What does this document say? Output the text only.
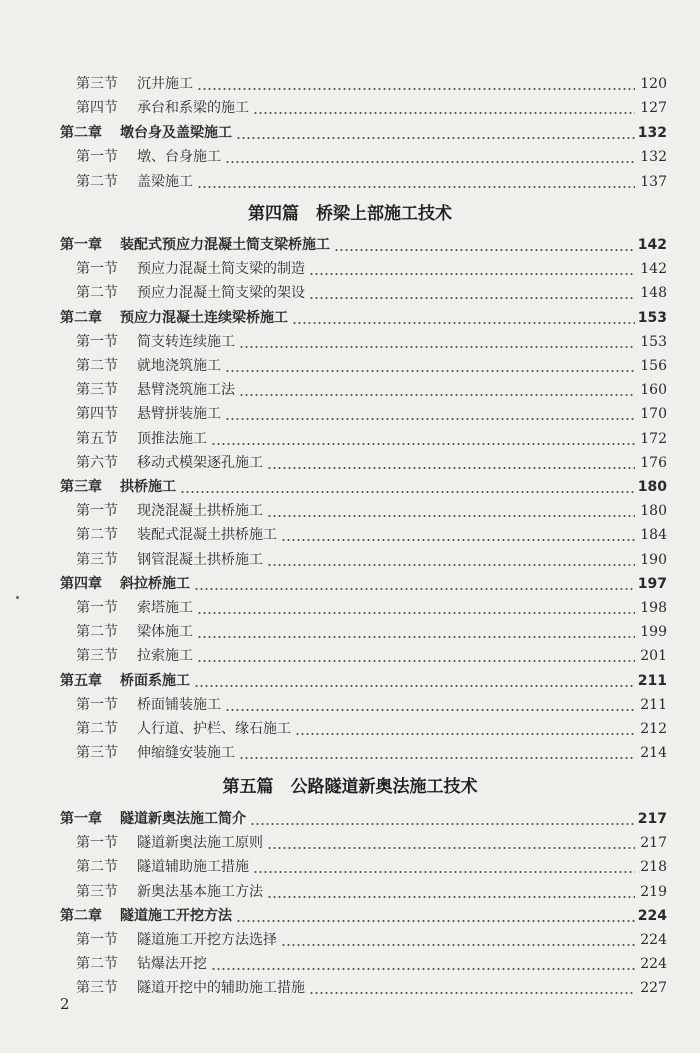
第三节 沉井施工	120
第四节 承台和系梁的施工	127
第二章 墩台身及盖梁施工	132
第一节 墩、台身施工	132
第二节 盖梁施工	137
第四篇　桥梁上部施工技术
第一章 装配式预应力混凝土简支梁桥施工	142
第一节 预应力混凝土简支梁的制造	142
第二节 预应力混凝土简支梁的架设	148
第二章 预应力混凝土连续梁桥施工	153
第一节 简支转连续施工	153
第二节 就地浇筑施工	156
第三节 悬臂浇筑施工法	160
第四节 悬臂拼装施工	170
第五节 顶推法施工	172
第六节 移动式模架逐孔施工	176
第三章 拱桥施工	180
第一节 现浇混凝土拱桥施工	180
第二节 装配式混凝土拱桥施工	184
第三节 钢管混凝土拱桥施工	190
第四章 斜拉桥施工	197
第一节 索塔施工	198
第二节 梁体施工	199
第三节 拉索施工	201
第五章 桥面系施工	211
第一节 桥面铺装施工	211
第二节 人行道、护栏、缘石施工	212
第三节 伸缩缝安装施工	214
第五篇　公路隧道新奥法施工技术
第一章 隧道新奥法施工简介	217
第一节 隧道新奥法施工原则	217
第二节 隧道辅助施工措施	218
第三节 新奥法基本施工方法	219
第二章 隧道施工开挖方法	224
第一节 隧道施工开挖方法选择	224
第二节 钻爆法开挖	224
第三节 隧道开挖中的辅助施工措施	227
2
